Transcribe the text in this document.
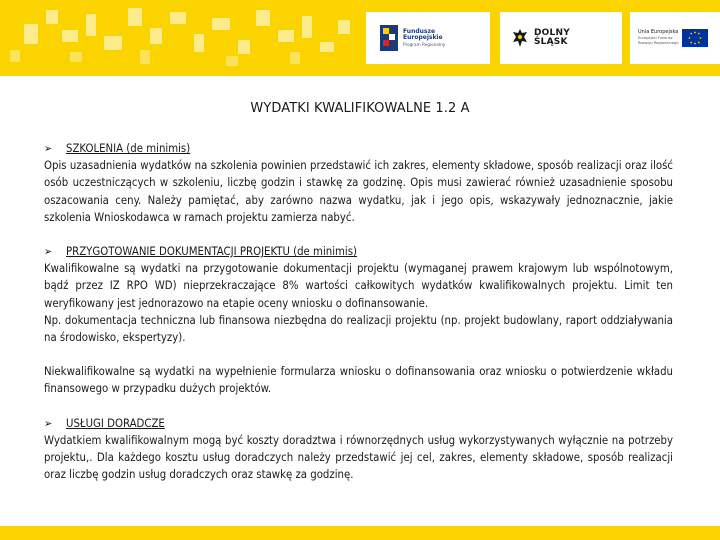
Fundusze
Europejskie
Program Regionalny
DOLNY
ŚLĄSK
Unia Europejska
Europejski Fundusz
Rozwoju Regionalnego
WYDATKI KWALIFIKOWALNE 1.2 A
➢	SZKOLENIA (de minimis)

Opis uzasadnienia wydatków na szkolenia powinien przedstawić ich zakres, elementy składowe, sposób realizacji oraz ilość osób uczestniczących w szkoleniu, liczbę godzin i stawkę za godzinę. Opis musi zawierać również uzasadnienie sposobu oszacowania ceny. Należy pamiętać, aby zarówno nazwa wydatku, jak i jego opis, wskazywały jednoznacznie, jakie szkolenia Wnioskodawca w ramach projektu zamierza nabyć.

➢	PRZYGOTOWANIE DOKUMENTACJI PROJEKTU (de minimis)

Kwalifikowalne są wydatki na przygotowanie dokumentacji projektu (wymaganej prawem krajowym lub wspólnotowym, bądź przez IZ RPO WD) nieprzekraczające 8% wartości całkowitych wydatków kwalifikowalnych projektu. Limit ten weryfikowany jest jednorazowo na etapie oceny wniosku o dofinansowanie.

Np. dokumentacja techniczna lub finansowa niezbędna do realizacji projektu (np. projekt budowlany, raport oddziaływania na środowisko, ekspertyzy).

Niekwalifikowalne są wydatki na wypełnienie formularza wniosku o dofinansowania oraz wniosku o potwierdzenie wkładu finansowego w przypadku dużych projektów.

➢	USŁUGI DORADCZE

Wydatkiem kwalifikowalnym mogą być koszty doradztwa i równorzędnych usług wykorzystywanych wyłącznie na potrzeby projektu,. Dla każdego kosztu usług doradczych należy przedstawić jej cel, zakres, elementy składowe, sposób realizacji oraz liczbę godzin usług doradczych oraz stawkę za godzinę.
